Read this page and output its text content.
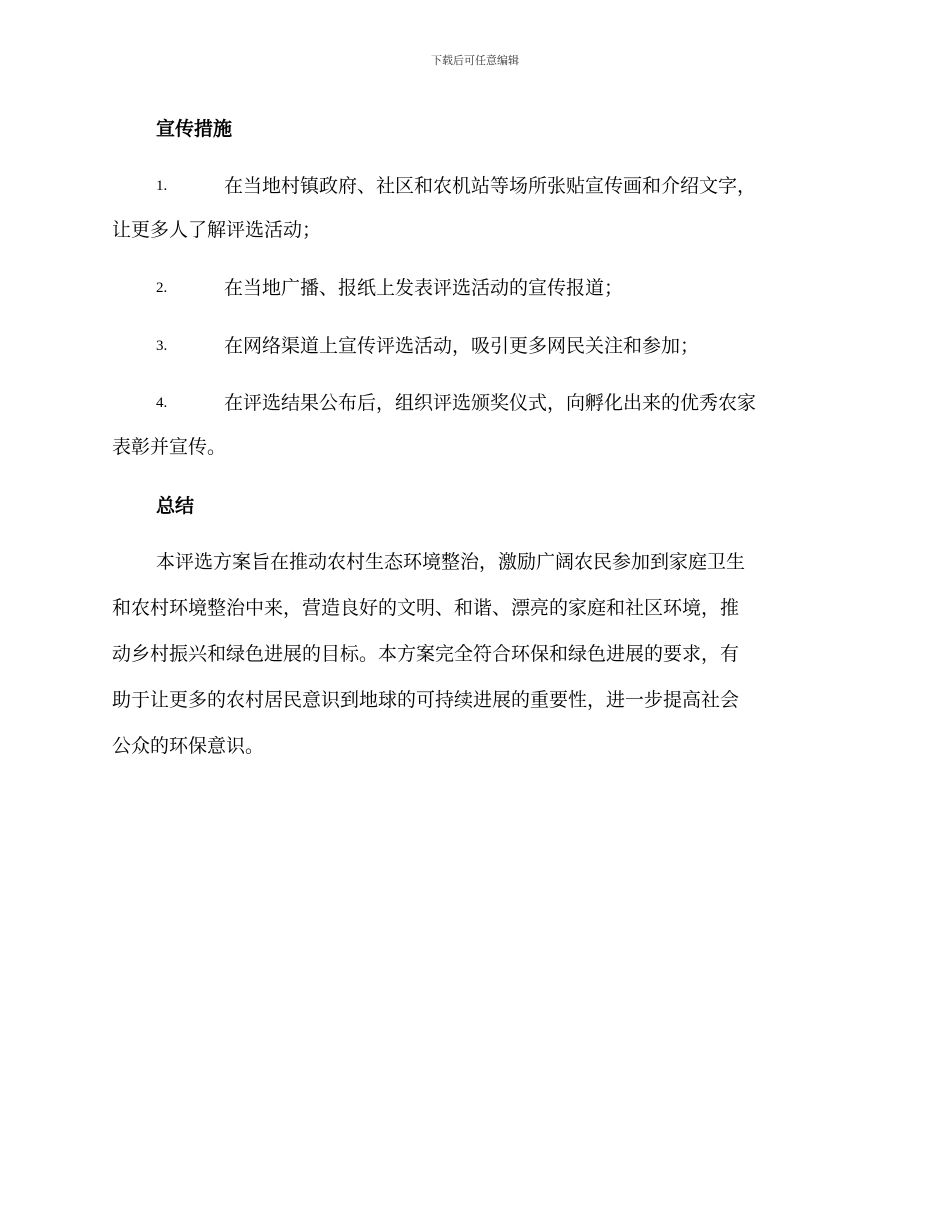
下载后可任意编辑
宣传措施
1.	在当地村镇政府、社区和农机站等场所张贴宣传画和介绍文字，
让更多人了解评选活动；
2.	在当地广播、报纸上发表评选活动的宣传报道；
3.	在网络渠道上宣传评选活动，吸引更多网民关注和参加；
4.	在评选结果公布后，组织评选颁奖仪式，向孵化出来的优秀农家
表彰并宣传。
总结
本评选方案旨在推动农村生态环境整治，激励广阔农民参加到家庭卫生
和农村环境整治中来，营造良好的文明、和谐、漂亮的家庭和社区环境，推
动乡村振兴和绿色进展的目标。本方案完全符合环保和绿色进展的要求，有
助于让更多的农村居民意识到地球的可持续进展的重要性，进一步提高社会
公众的环保意识。
